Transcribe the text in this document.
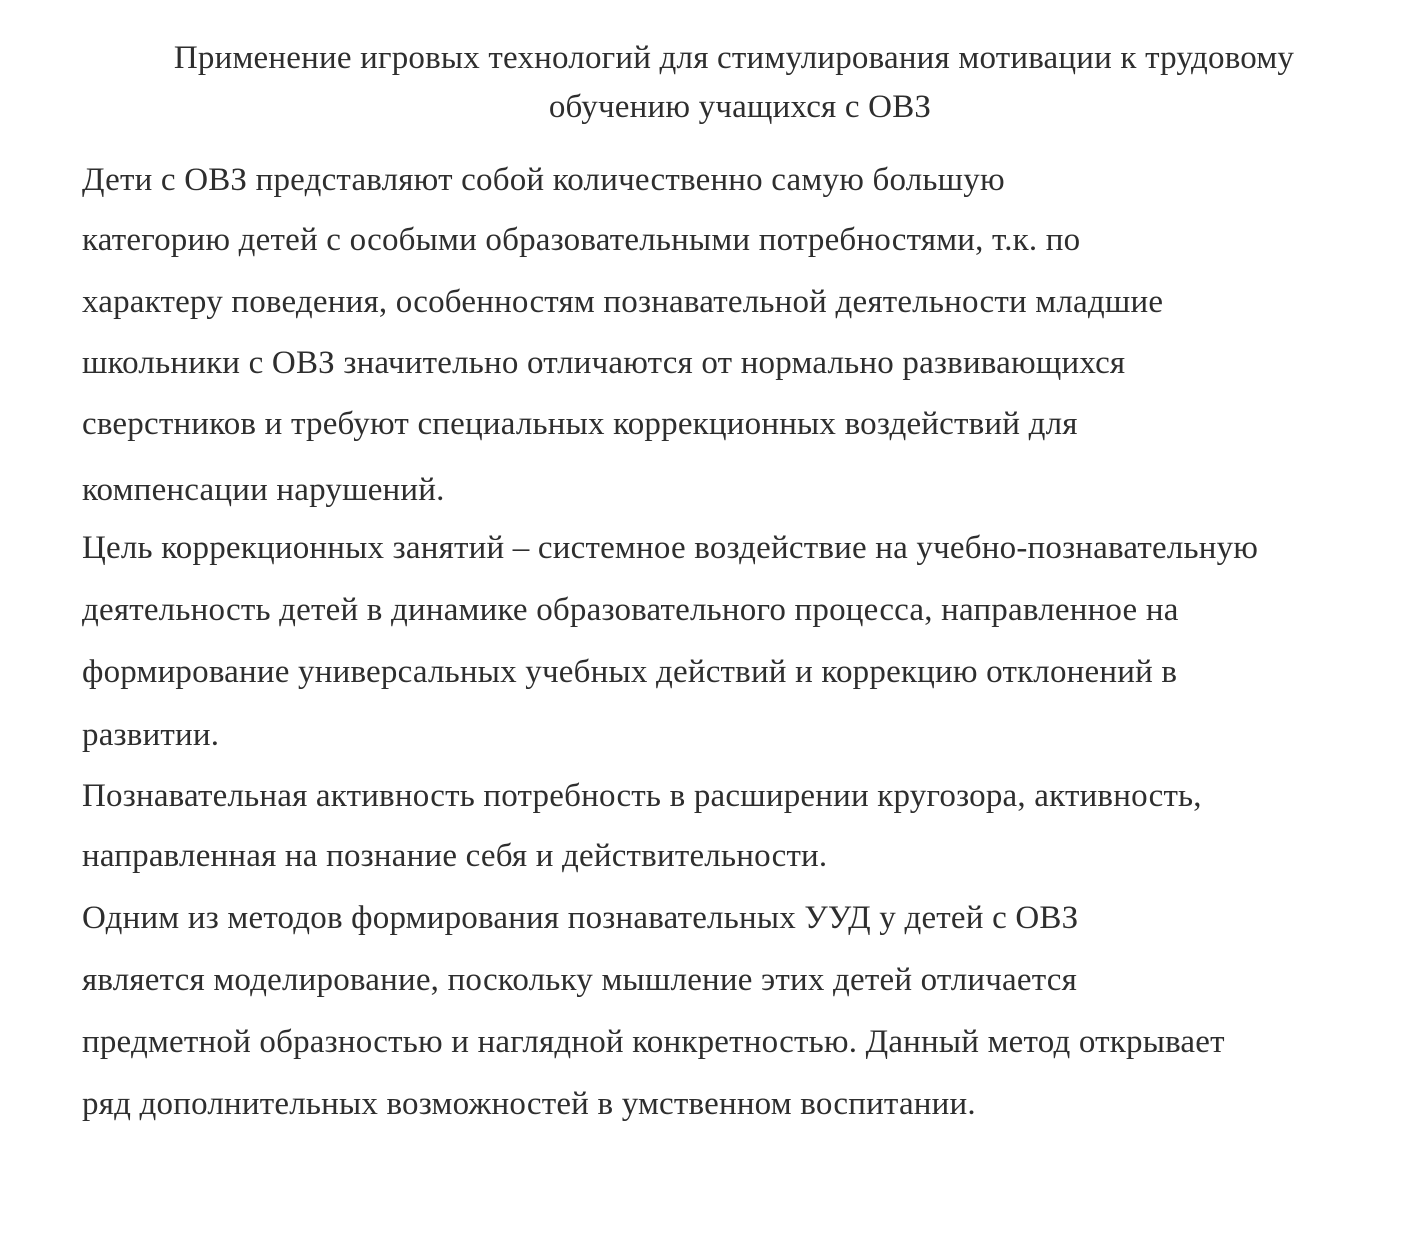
Применение игровых технологий для стимулирования мотивации к трудовому
обучению учащихся с ОВЗ
Дети с ОВЗ представляют собой количественно самую большую
категорию детей с особыми образовательными потребностями, т.к. по
характеру поведения, особенностям познавательной деятельности младшие
школьники с ОВЗ значительно отличаются от нормально развивающихся
сверстников и требуют специальных коррекционных воздействий для
компенсации нарушений.
Цель коррекционных занятий – системное воздействие на учебно-познавательную
деятельность детей в динамике образовательного процесса, направленное на
формирование универсальных учебных действий и коррекцию отклонений в
развитии.
Познавательная активность потребность в расширении кругозора, активность,
направленная на познание себя и действительности.
Одним из методов формирования познавательных УУД у детей с ОВЗ
является моделирование, поскольку мышление этих детей отличается
предметной образностью и наглядной конкретностью. Данный метод открывает
ряд дополнительных возможностей в умственном воспитании.
